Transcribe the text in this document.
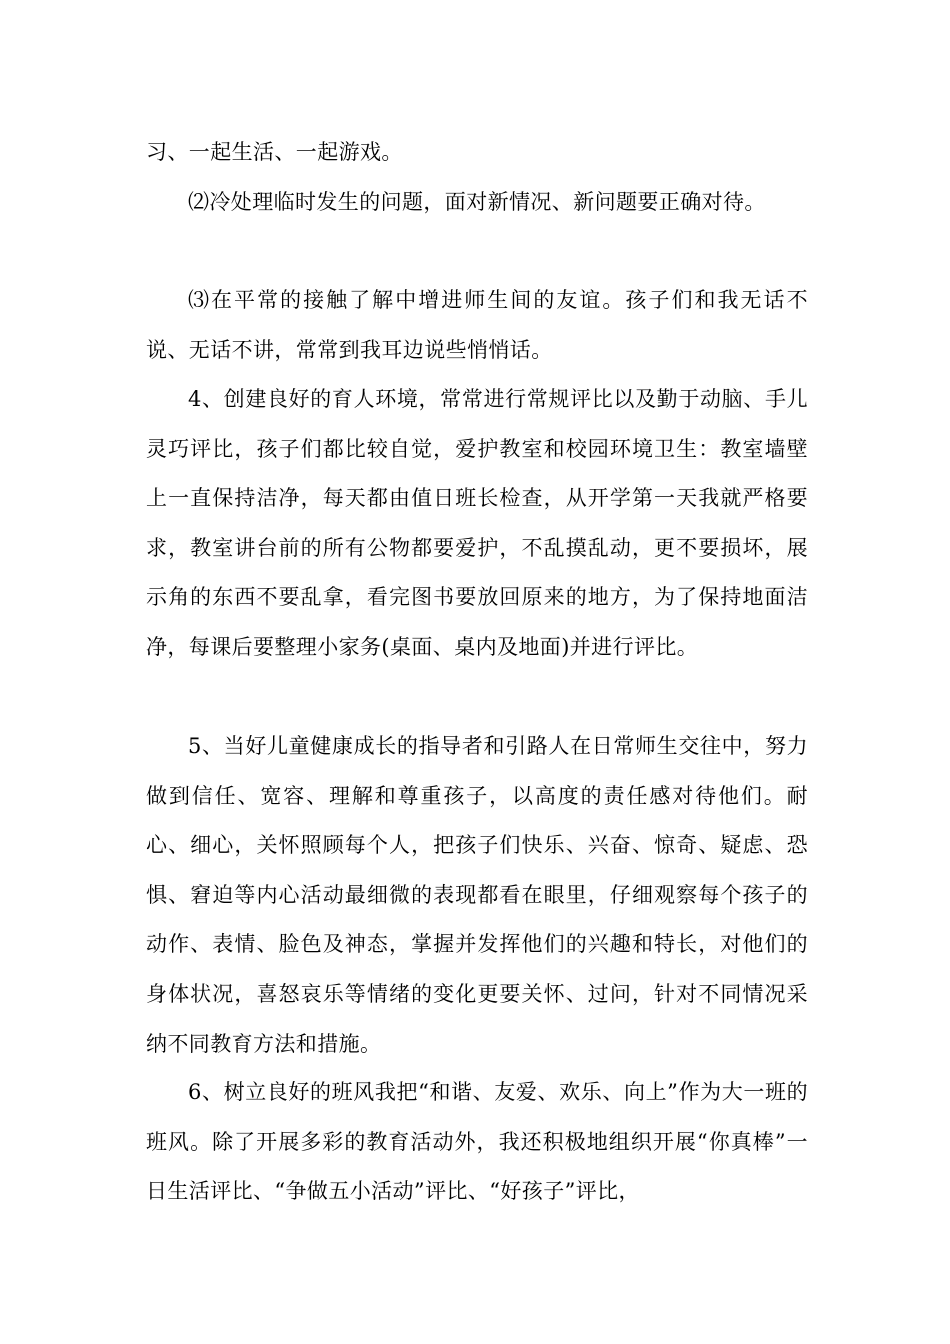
习、一起生活、一起游戏。

⑵冷处理临时发生的问题，面对新情况、新问题要正确对待。

⑶在平常的接触了解中增进师生间的友谊。孩子们和我无话不说、无话不讲，常常到我耳边说些悄悄话。

4、创建良好的育人环境，常常进行常规评比以及勤于动脑、手儿灵巧评比，孩子们都比较自觉，爱护教室和校园环境卫生：教室墙壁上一直保持洁净，每天都由值日班长检查，从开学第一天我就严格要求，教室讲台前的所有公物都要爱护，不乱摸乱动，更不要损坏，展示角的东西不要乱拿，看完图书要放回原来的地方，为了保持地面洁净，每课后要整理小家务(桌面、桌内及地面)并进行评比。

5、当好儿童健康成长的指导者和引路人在日常师生交往中，努力做到信任、宽容、理解和尊重孩子，以高度的责任感对待他们。耐心、细心，关怀照顾每个人，把孩子们快乐、兴奋、惊奇、疑虑、恐惧、窘迫等内心活动最细微的表现都看在眼里，仔细观察每个孩子的动作、表情、脸色及神态，掌握并发挥他们的兴趣和特长，对他们的身体状况，喜怒哀乐等情绪的变化更要关怀、过问，针对不同情况采纳不同教育方法和措施。

6、树立良好的班风我把“和谐、友爱、欢乐、向上”作为大一班的班风。除了开展多彩的教育活动外，我还积极地组织开展“你真棒”一日生活评比、“争做五小活动”评比、“好孩子”评比，
